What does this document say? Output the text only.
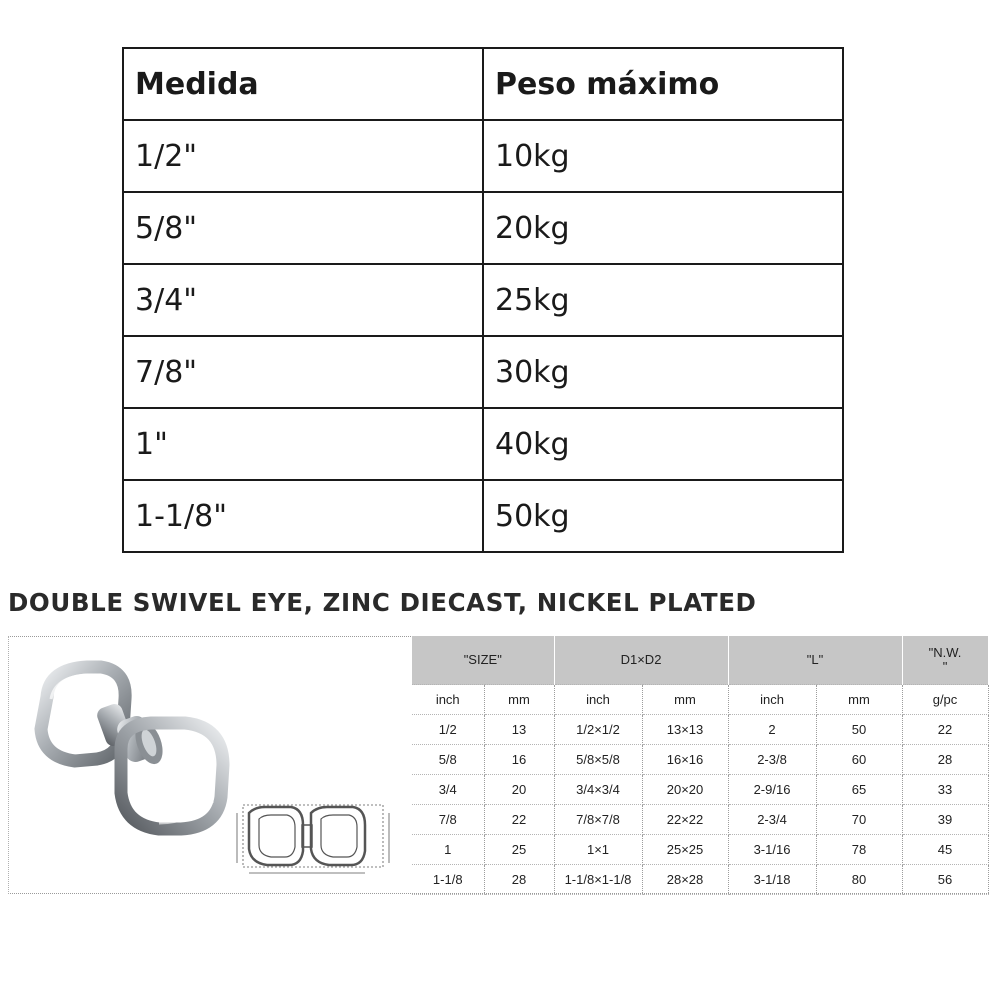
Medida	Peso máximo
1/2"	10kg
5/8"	20kg
3/4"	25kg
7/8"	30kg
1"	40kg
1-1/8"	50kg
DOUBLE SWIVEL EYE, ZINC DIECAST, NICKEL PLATED
"SIZE"		D1×D2		"L"		"N.W.
"
inch	mm	inch	mm	inch	mm	g/pc
1/2	13	1/2×1/2	13×13	2	50	22
5/8	16	5/8×5/8	16×16	2-3/8	60	28
3/4	20	3/4×3/4	20×20	2-9/16	65	33
7/8	22	7/8×7/8	22×22	2-3/4	70	39
1	25	1×1	25×25	3-1/16	78	45
1-1/8	28	1-1/8×1-1/8	28×28	3-1/18	80	56
